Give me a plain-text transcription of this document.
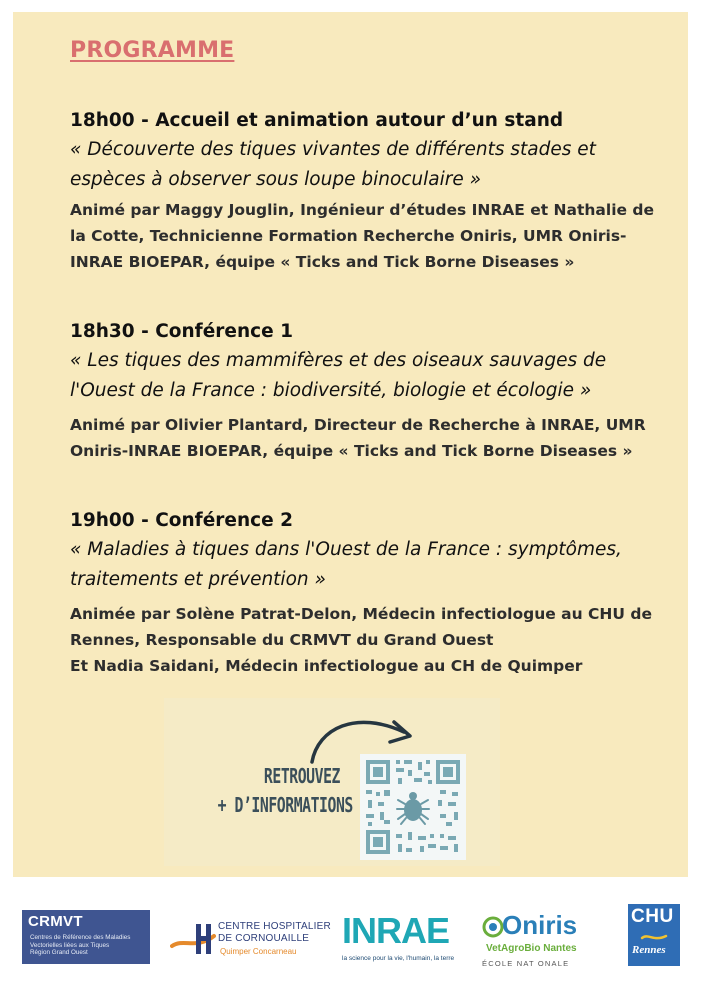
PROGRAMME
18h00 - Accueil et animation autour d’un stand
« Découverte des tiques vivantes de différents stades et
espèces à observer sous loupe binoculaire »
Animé par Maggy Jouglin, Ingénieur d’études INRAE et Nathalie de
la Cotte, Technicienne Formation Recherche Oniris, UMR Oniris-
INRAE BIOEPAR, équipe « Ticks and Tick Borne Diseases »
18h30 - Conférence 1
« Les tiques des mammifères et des oiseaux sauvages de
l'Ouest de la France : biodiversité, biologie et écologie »
Animé par Olivier Plantard, Directeur de Recherche à INRAE, UMR
Oniris-INRAE BIOEPAR, équipe « Ticks and Tick Borne Diseases »
19h00 - Conférence 2
« Maladies à tiques dans l'Ouest de la France : symptômes,
traitements et prévention »
Animée par Solène Patrat-Delon, Médecin infectiologue au CHU de
Rennes, Responsable du CRMVT du Grand Ouest
Et Nadia Saidani, Médecin infectiologue au CH de Quimper
RETROUVEZ
+ D’INFORMATIONS
CRMVT
Centres de Référence des Maladies
Vectorielles liées aux Tiques
Région Grand Ouest
CENTRE HOSPITALIER
DE CORNOUAILLE
Quimper Concarneau
INRAE
la science pour la vie, l'humain, la terre
Oniris
VetAgroBio Nantes
ÉCOLE NAT ONALE
CHU
Rennes
